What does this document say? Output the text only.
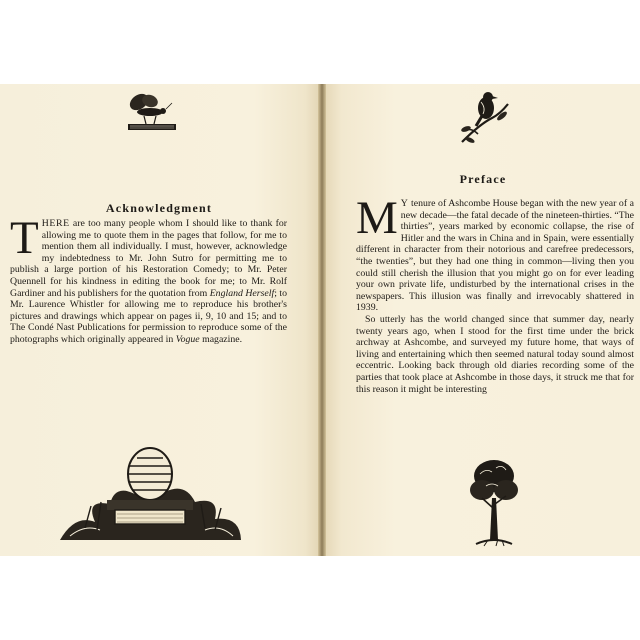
Acknowledgment

THERE are too many people whom I should like to thank for allowing me to quote them in the pages that follow, for me to mention them all individually. I must, however, acknowledge my indebtedness to Mr. John Sutro for permitting me to publish a large portion of his Restoration Comedy; to Mr. Peter Quennell for his kindness in editing the book for me; to Mr. Rolf Gardiner and his publishers for the quotation from England Herself; to Mr. Laurence Whistler for allowing me to reproduce his brother's pictures and drawings which appear on pages ii, 9, 10 and 15; and to The Condé Nast Publications for permission to reproduce some of the photographs which originally appeared in Vogue magazine.

Preface

M Y tenure of Ashcombe House began with the new year of a new decade—the fatal decade of the nineteen-thirties. “The thirties”, years marked by economic collapse, the rise of Hitler and the wars in China and in Spain, were essentially different in character from their notorious and carefree predecessors, “the twenties”, but they had one thing in common—living then you could still cherish the illusion that you might go on for ever leading your own private life, undisturbed by the international crises in the newspapers. This illusion was finally and irrevocably shattered in 1939.

So utterly has the world changed since that summer day, nearly twenty years ago, when I stood for the first time under the brick archway at Ashcombe, and surveyed my future home, that ways of living and entertaining which then seemed natural today sound almost eccentric. Looking back through old diaries recording some of the parties that took place at Ashcombe in those days, it struck me that for this reason it might be interesting
